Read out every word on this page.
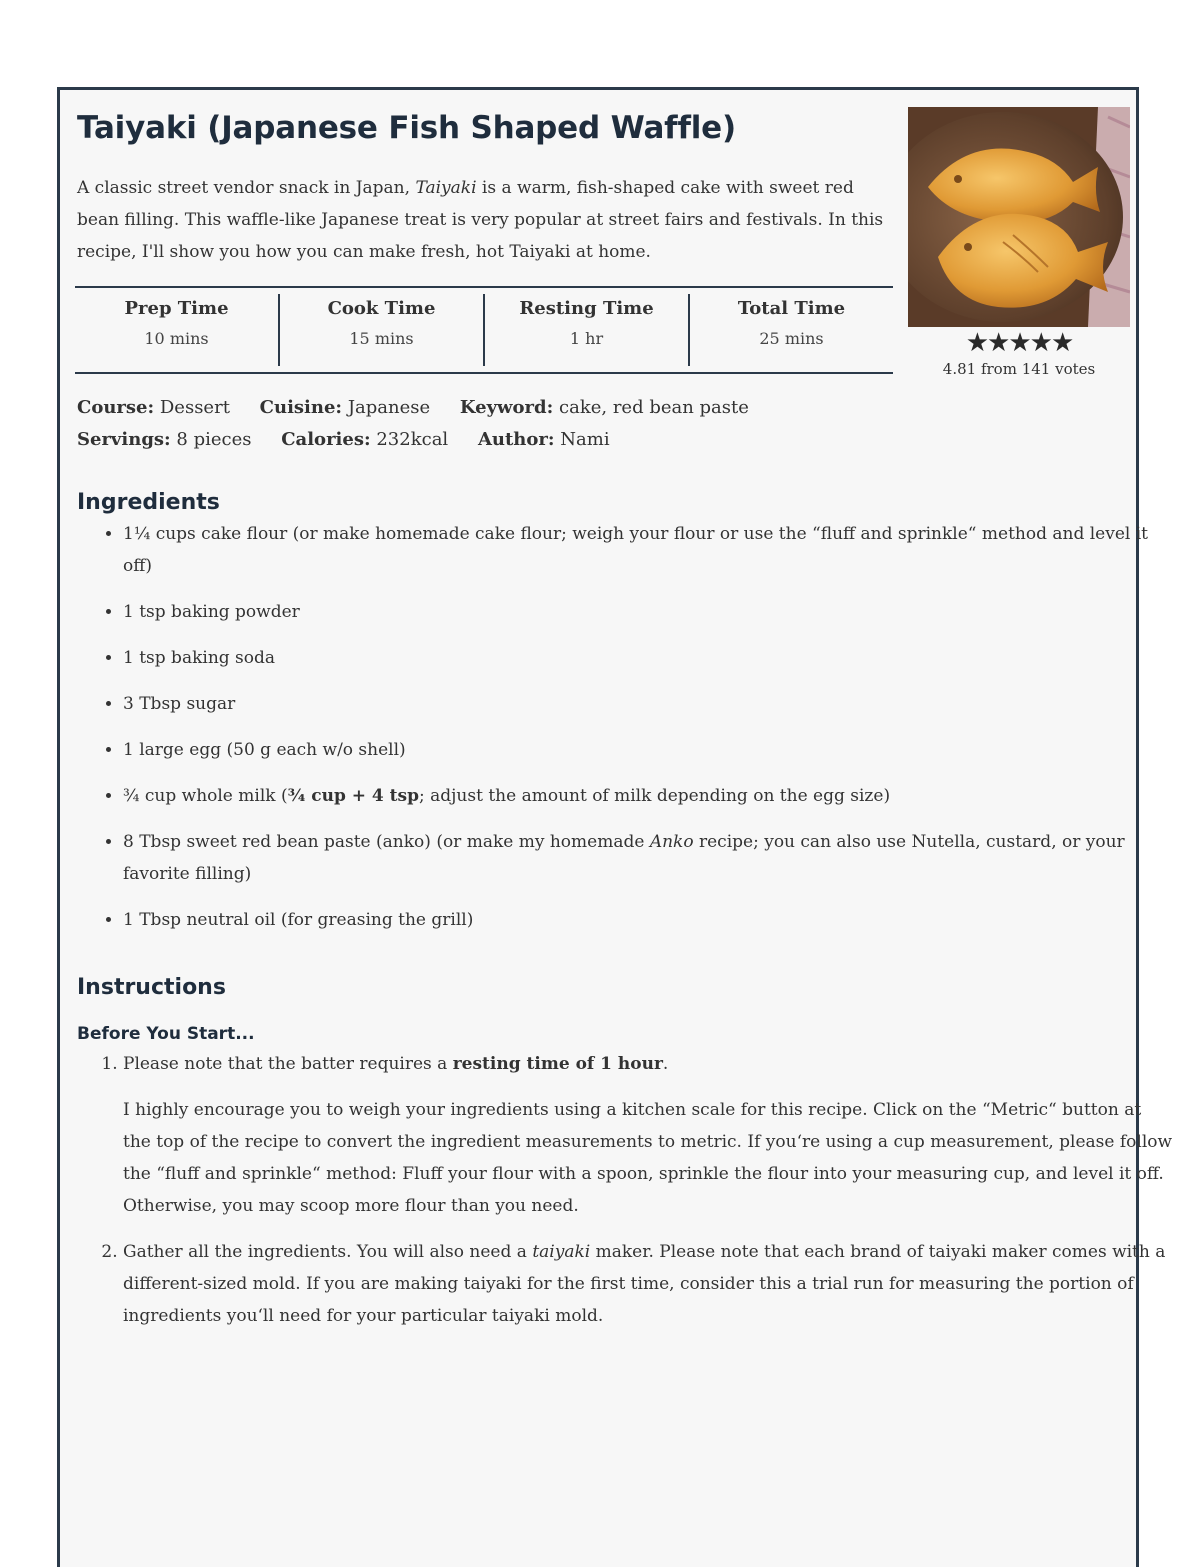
Taiyaki (Japanese Fish Shaped Waffle)

A classic street vendor snack in Japan, Taiyaki is a warm, fish-shaped cake with sweet red bean filling. This waffle-like Japanese treat is very popular at street fairs and festivals. In this recipe, I'll show you how you can make fresh, hot Taiyaki at home.

★★★★★
4.81 from 141 votes
Prep Time
10 mins
Cook Time
15 mins
Resting Time
1 hr
Total Time
25 mins
Course: Dessert Cuisine: Japanese Keyword: cake, red bean paste
Servings: 8 pieces Calories: 232kcal Author: Nami
Ingredients
• 1¼ cups cake flour (or make homemade cake flour; weigh your flour or use the “fluff and sprinkle“ method and level it off)
• 1 tsp baking powder
• 1 tsp baking soda
• 3 Tbsp sugar
• 1 large egg (50 g each w/o shell)
• ¾ cup whole milk (¾ cup + 4 tsp; adjust the amount of milk depending on the egg size)
• 8 Tbsp sweet red bean paste (anko) (or make my homemade Anko recipe; you can also use Nutella, custard, or your favorite filling)
• 1 Tbsp neutral oil (for greasing the grill)
Instructions
Before You Start...

1. Please note that the batter requires a resting time of 1 hour.

I highly encourage you to weigh your ingredients using a kitchen scale for this recipe. Click on the “Metric“ button at the top of the recipe to convert the ingredient measurements to metric. If you‘re using a cup measurement, please follow the “fluff and sprinkle“ method: Fluff your flour with a spoon, sprinkle the flour into your measuring cup, and level it off. Otherwise, you may scoop more flour than you need.

2. Gather all the ingredients. You will also need a taiyaki maker. Please note that each brand of taiyaki maker comes with a different-sized mold. If you are making taiyaki for the first time, consider this a trial run for measuring the portion of ingredients you‘ll need for your particular taiyaki mold.
